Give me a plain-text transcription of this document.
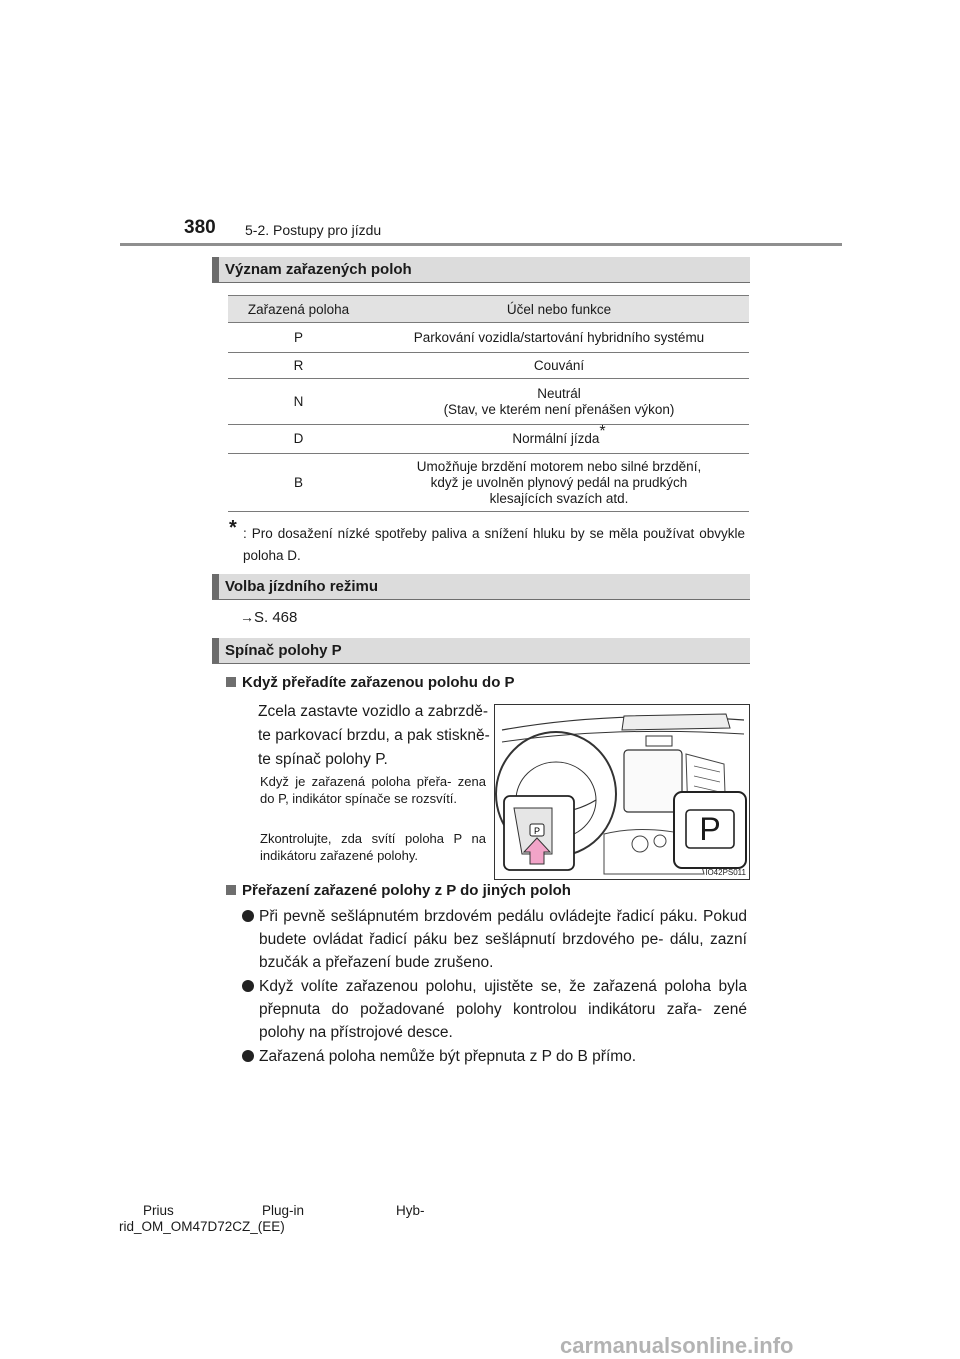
380 5-2. Postupy pro jízdu
Význam zařazených poloh
Zařazená poloha	Účel nebo funkce
P	Parkování vozidla/startování hybridního systému
R	Couvání
N	Neutrál
(Stav, ve kterém není přenášen výkon)

D	Normální jízda*
B	Umožňuje brzdění motorem nebo silné brzdění,
když je uvolněn plynový pedál na prudkých
klesajících svazích atd.
* : Pro dosažení nízké spotřeby paliva a snížení hluku by se měla používat obvykle poloha D.
Volba jízdního režimu
→S. 468
Spínač polohy P
Když přeřadíte zařazenou polohu do P
Zcela zastavte vozidlo a zabrzdě- te parkovací brzdu, a pak stiskně- te spínač polohy P.
Když je zařazená poloha přeřa- zena do P, indikátor spínače se rozsvítí.
Zkontrolujte, zda svítí poloha P na indikátoru zařazené polohy.
P	P
IO42PS011
Přeřazení zařazené polohy z P do jiných poloh
Při pevně sešlápnutém brzdovém pedálu ovládejte řadicí páku. Pokud budete ovládat řadicí páku bez sešlápnutí brzdového pe- dálu, zazní bzučák a přeřazení bude zrušeno.
Když volíte zařazenou polohu, ujistěte se, že zařazená poloha byla přepnuta do požadované polohy kontrolou indikátoru zařa- zené polohy na přístrojové desce.
Zařazená poloha nemůže být přepnuta z P do B přímo.
Prius	Plug-in	Hyb-
rid_OM_OM47D72CZ_(EE)
carmanualsonline.info
